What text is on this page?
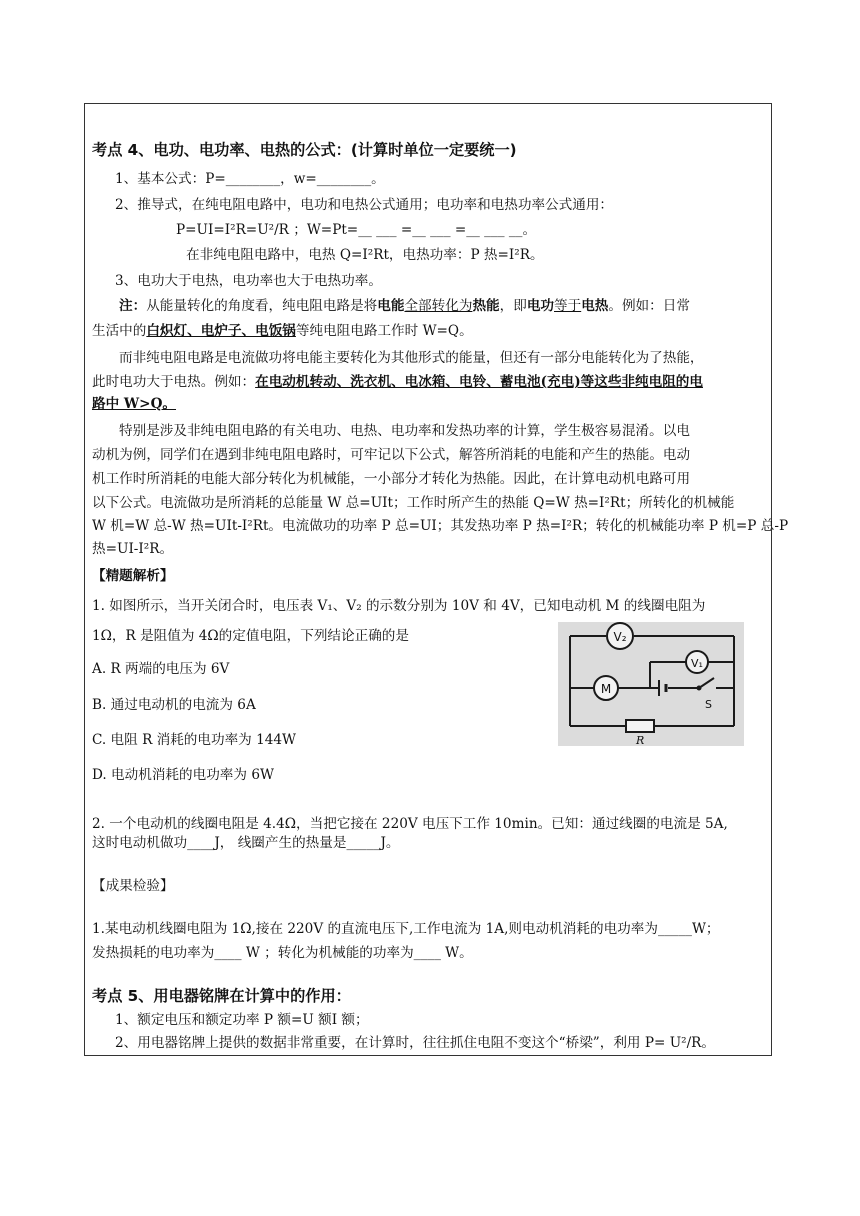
考点 4、电功、电功率、电热的公式：(计算时单位一定要统一)
1、基本公式：P=________，w=________。
2、推导式，在纯电阻电路中，电功和电热公式通用；电功率和电热功率公式通用：
P=UI=I²R=U²/R ；W=Pt=__ ___ =__ ___ =__ ___ __。
在非纯电阻电路中，电热 Q=I²Rt，电热功率：P 热=I²R。
3、电功大于电热，电功率也大于电热功率。
注：从能量转化的角度看，纯电阻电路是将电能全部转化为热能，即电功等于电热。例如：日常
生活中的白炽灯、电炉子、电饭锅等纯电阻电路工作时 W=Q。
而非纯电阻电路是电流做功将电能主要转化为其他形式的能量，但还有一部分电能转化为了热能，
此时电功大于电热。例如：在电动机转动、洗衣机、电冰箱、电铃、蓄电池(充电)等这些非纯电阻的电
路中 W>Q。
特别是涉及非纯电阻电路的有关电功、电热、电功率和发热功率的计算，学生极容易混淆。以电
动机为例，同学们在遇到非纯电阻电路时，可牢记以下公式，解答所消耗的电能和产生的热能。电动
机工作时所消耗的电能大部分转化为机械能，一小部分才转化为热能。因此，在计算电动机电路可用
以下公式。电流做功是所消耗的总能量 W 总=UIt；工作时所产生的热能 Q=W 热=I²Rt；所转化的机械能
W 机=W 总-W 热=UIt-I²Rt。电流做功的功率 P 总=UI；其发热功率 P 热=I²R；转化的机械能功率 P 机=P 总-P
热=UI-I²R。
【精题解析】
1. 如图所示，当开关闭合时，电压表 V₁、V₂ 的示数分别为 10V 和 4V，已知电动机 M 的线圈电阻为
1Ω，R 是阻值为 4Ω的定值电阻，下列结论正确的是
A. R 两端的电压为 6V
B. 通过电动机的电流为 6A
C. 电阻 R 消耗的电功率为 144W
D. 电动机消耗的电功率为 6W
V₂
V₁
M
S
R
2. 一个电动机的线圈电阻是 4.4Ω，当把它接在 220V 电压下工作 10min。已知：通过线圈的电流是 5A,
这时电动机做功____J， 线圈产生的热量是_____J。
【成果检验】
1.某电动机线圈电阻为 1Ω,接在 220V 的直流电压下,工作电流为 1A,则电动机消耗的电功率为_____W；
发热损耗的电功率为____ W ；转化为机械能的功率为____ W。
考点 5、用电器铭牌在计算中的作用：
1、额定电压和额定功率 P 额=U 额I 额；
2、用电器铭牌上提供的数据非常重要，在计算时，往往抓住电阻不变这个“桥梁”，利用 P= U²/R。
